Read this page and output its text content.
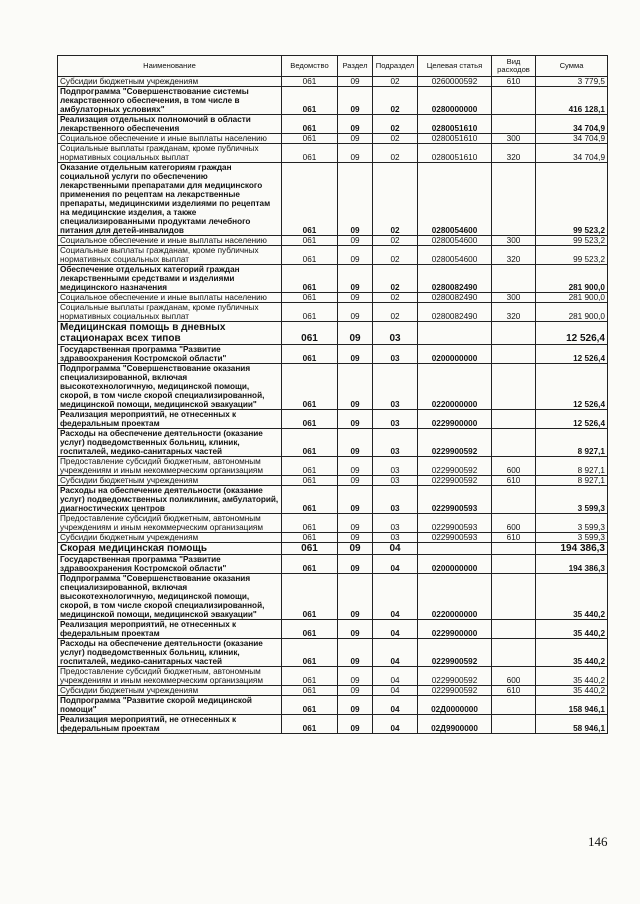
Наименование	Ведомство	Раздел	Подраздел	Целевая статья	Вид расходов	Сумма
Субсидии бюджетным учреждениям	061	09	02	0260000592	610	3 779,5
Подпрограмма "Совершенствование системы лекарственного обеспечения, в том числе в амбулаторных условиях"	061	09	02	0280000000		416 128,1
Реализация отдельных полномочий в области лекарственного обеспечения	061	09	02	0280051610		34 704,9
Социальное обеспечение и иные выплаты населению	061	09	02	0280051610	300	34 704,9
Социальные выплаты гражданам, кроме публичных нормативных социальных выплат	061	09	02	0280051610	320	34 704,9
Оказание отдельным категориям граждан социальной услуги по обеспечению лекарственными препаратами для медицинского применения по рецептам на лекарственные препараты, медицинскими изделиями по рецептам на медицинские изделия, а также специализированными продуктами лечебного питания для детей-инвалидов	061	09	02	0280054600		99 523,2
Социальное обеспечение и иные выплаты населению	061	09	02	0280054600	300	99 523,2
Социальные выплаты гражданам, кроме публичных нормативных социальных выплат	061	09	02	0280054600	320	99 523,2
Обеспечение отдельных категорий граждан лекарственными средствами и изделиями медицинского назначения	061	09	02	0280082490		281 900,0
Социальное обеспечение и иные выплаты населению	061	09	02	0280082490	300	281 900,0
Социальные выплаты гражданам, кроме публичных нормативных социальных выплат	061	09	02	0280082490	320	281 900,0
Медицинская помощь в дневных стационарах всех типов	061	09	03			12 526,4
Государственная программа "Развитие здравоохранения Костромской области"	061	09	03	0200000000		12 526,4
Подпрограмма "Совершенствование оказания специализированной, включая высокотехнологичную, медицинской помощи, скорой, в том числе скорой специализированной, медицинской помощи, медицинской эвакуации"	061	09	03	0220000000		12 526,4
Реализация мероприятий, не отнесенных к федеральным проектам	061	09	03	0229900000		12 526,4
Расходы на обеспечение деятельности (оказание услуг) подведомственных больниц, клиник, госпиталей, медико-санитарных частей	061	09	03	0229900592		8 927,1
Предоставление субсидий бюджетным, автономным учреждениям и иным некоммерческим организациям	061	09	03	0229900592	600	8 927,1
Субсидии бюджетным учреждениям	061	09	03	0229900592	610	8 927,1
Расходы на обеспечение деятельности (оказание услуг) подведомственных поликлиник, амбулаторий, диагностических центров	061	09	03	0229900593		3 599,3
Предоставление субсидий бюджетным, автономным учреждениям и иным некоммерческим организациям	061	09	03	0229900593	600	3 599,3
Субсидии бюджетным учреждениям	061	09	03	0229900593	610	3 599,3
Скорая медицинская помощь	061	09	04			194 386,3
Государственная программа "Развитие здравоохранения Костромской области"	061	09	04	0200000000		194 386,3
Подпрограмма "Совершенствование оказания специализированной, включая высокотехнологичную, медицинской помощи, скорой, в том числе скорой специализированной, медицинской помощи, медицинской эвакуации"	061	09	04	0220000000		35 440,2
Реализация мероприятий, не отнесенных к федеральным проектам	061	09	04	0229900000		35 440,2
Расходы на обеспечение деятельности (оказание услуг) подведомственных больниц, клиник, госпиталей, медико-санитарных частей	061	09	04	0229900592		35 440,2
Предоставление субсидий бюджетным, автономным учреждениям и иным некоммерческим организациям	061	09	04	0229900592	600	35 440,2
Субсидии бюджетным учреждениям	061	09	04	0229900592	610	35 440,2
Подпрограмма "Развитие скорой медицинской помощи"	061	09	04	02Д0000000		158 946,1
Реализация мероприятий, не отнесенных к федеральным проектам	061	09	04	02Д9900000		58 946,1
146
